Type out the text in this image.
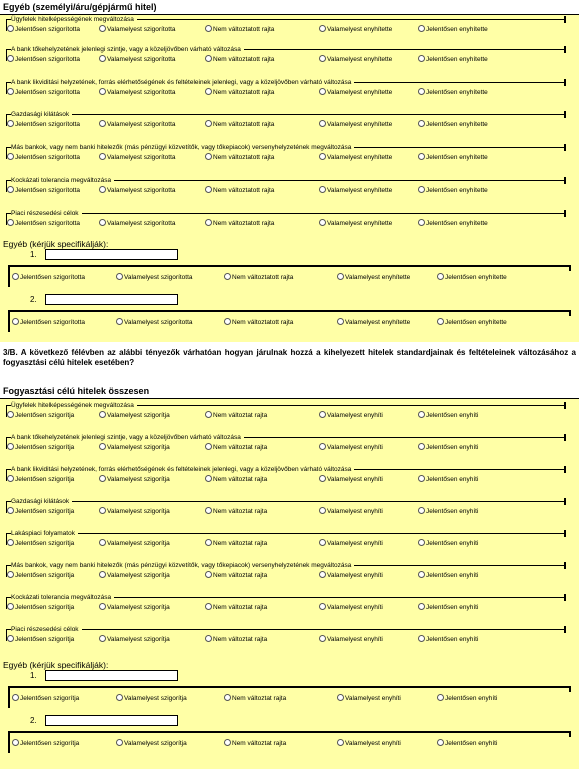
Egyéb (személyi/áru/gépjármű hitel)
Ügyfelek hitelképességének megváltozása
Jelentősen szigorította	Valamelyest szigorította	Nem változtatott rajta	Valamelyest enyhítette	Jelentősen enyhítette
A bank tőkehelyzetének jelenlegi szintje, vagy a közeljövőben várható változása
Jelentősen szigorította	Valamelyest szigorította	Nem változtatott rajta	Valamelyest enyhítette	Jelentősen enyhítette
A bank likviditási helyzetének, forrás elérhetőségének és feltételeinek jelenlegi, vagy a közeljövőben várható változása
Jelentősen szigorította	Valamelyest szigorította	Nem változtatott rajta	Valamelyest enyhítette	Jelentősen enyhítette
Gazdasági kilátások
Jelentősen szigorította	Valamelyest szigorította	Nem változtatott rajta	Valamelyest enyhítette	Jelentősen enyhítette
Más bankok, vagy nem banki hitelezők (más pénzügyi közvetítők, vagy tőkepiacok) versenyhelyzetének megváltozása
Jelentősen szigorította	Valamelyest szigorította	Nem változtatott rajta	Valamelyest enyhítette	Jelentősen enyhítette
Kockázati tolerancia megváltozása
Jelentősen szigorította	Valamelyest szigorította	Nem változtatott rajta	Valamelyest enyhítette	Jelentősen enyhítette
Piaci részesedési célok
Jelentősen szigorította	Valamelyest szigorította	Nem változtatott rajta	Valamelyest enyhítette	Jelentősen enyhítette
Egyéb (kérjük specifikálják):
1.
Jelentősen szigorította	Valamelyest szigorította	Nem változtatott rajta	Valamelyest enyhítette	Jelentősen enyhítette
2.
Jelentősen szigorította	Valamelyest szigorította	Nem változtatott rajta	Valamelyest enyhítette	Jelentősen enyhítette
3/B. A következő félévben az alábbi tényezők várhatóan hogyan járulnak hozzá a kihelyezett hitelek standardjainak és feltételeinek változásához a fogyasztási célú hitelek esetében?
Fogyasztási célú hitelek összesen
Ügyfelek hitelképességének megváltozása
Jelentősen szigorítja	Valamelyest szigorítja	Nem változtat rajta	Valamelyest enyhíti	Jelentősen enyhíti
A bank tőkehelyzetének jelenlegi szintje, vagy a közeljövőben várható változása
Jelentősen szigorítja	Valamelyest szigorítja	Nem változtat rajta	Valamelyest enyhíti	Jelentősen enyhíti
A bank likviditási helyzetének, forrás elérhetőségének és feltételeinek jelenlegi, vagy a közeljövőben várható változása
Jelentősen szigorítja	Valamelyest szigorítja	Nem változtat rajta	Valamelyest enyhíti	Jelentősen enyhíti
Gazdasági kilátások
Jelentősen szigorítja	Valamelyest szigorítja	Nem változtat rajta	Valamelyest enyhíti	Jelentősen enyhíti
Lakáspiaci folyamatok
Jelentősen szigorítja	Valamelyest szigorítja	Nem változtat rajta	Valamelyest enyhíti	Jelentősen enyhíti
Más bankok, vagy nem banki hitelezők (más pénzügyi közvetítők, vagy tőkepiacok) versenyhelyzetének megváltozása
Jelentősen szigorítja	Valamelyest szigorítja	Nem változtat rajta	Valamelyest enyhíti	Jelentősen enyhíti
Kockázati tolerancia megváltozása
Jelentősen szigorítja	Valamelyest szigorítja	Nem változtat rajta	Valamelyest enyhíti	Jelentősen enyhíti
Piaci részesedési célok
Jelentősen szigorítja	Valamelyest szigorítja	Nem változtat rajta	Valamelyest enyhíti	Jelentősen enyhíti
Egyéb (kérjük specifikálják):
1.
Jelentősen szigorítja	Valamelyest szigorítja	Nem változtat rajta	Valamelyest enyhíti	Jelentősen enyhíti
2.
Jelentősen szigorítja	Valamelyest szigorítja	Nem változtat rajta	Valamelyest enyhíti	Jelentősen enyhíti
